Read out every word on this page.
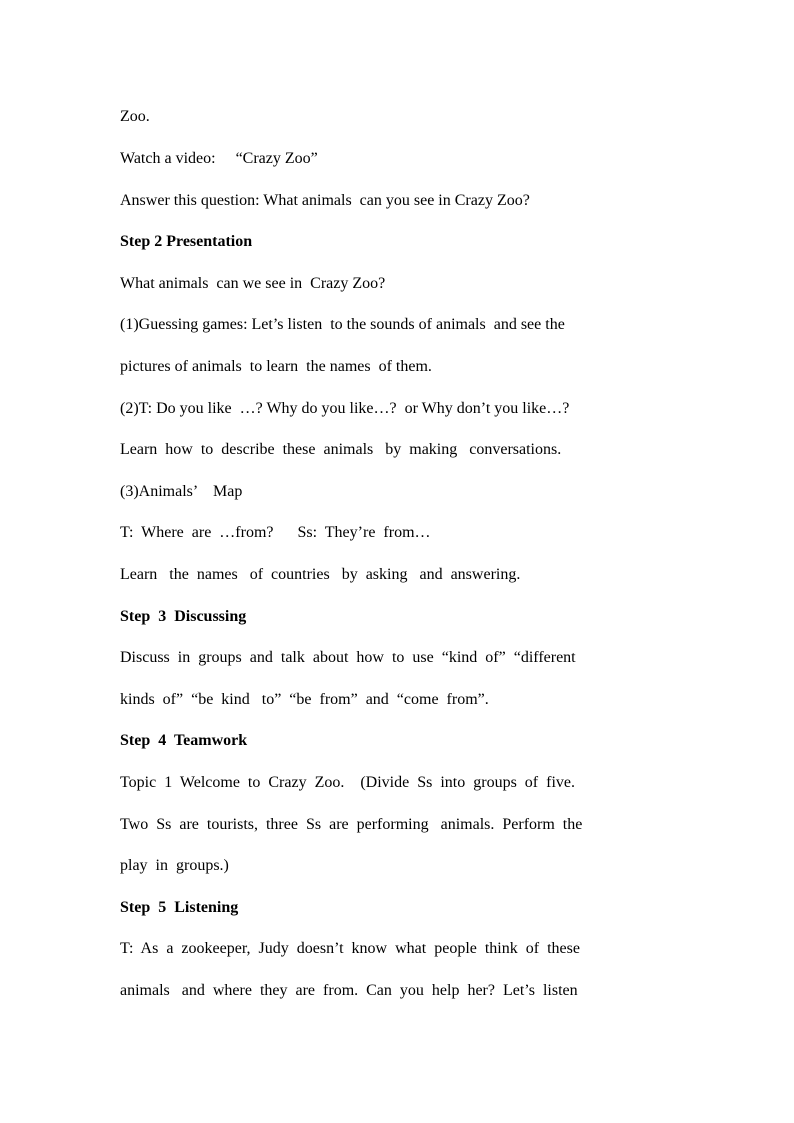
Zoo.
Watch a video:     “Crazy Zoo”
Answer this question: What animals  can you see in Crazy Zoo?
Step 2 Presentation
What animals  can we see in  Crazy Zoo?
(1)Guessing games: Let’s listen  to the sounds of animals  and see the
pictures of animals  to learn  the names  of them.
(2)T: Do you like  …? Why do you like…?  or Why don’t you like…?
Learn  how  to  describe  these  animals   by  making   conversations.
(3)Animals’    Map
T:  Where  are  …from?      Ss:  They’re  from…
Learn   the  names   of  countries   by  asking   and  answering.
Step  3  Discussing
Discuss  in  groups  and  talk  about  how  to  use  “kind  of”  “different
kinds  of”  “be  kind   to”  “be  from”  and  “come  from”.
Step  4  Teamwork
Topic  1  Welcome  to  Crazy  Zoo.    (Divide  Ss  into  groups  of  five.
Two  Ss  are  tourists,  three  Ss  are  performing   animals.  Perform  the
play  in  groups.)
Step  5  Listening
T:  As  a  zookeeper,  Judy  doesn’t  know  what  people  think  of  these
animals   and  where  they  are  from.  Can  you  help  her?  Let’s  listen
